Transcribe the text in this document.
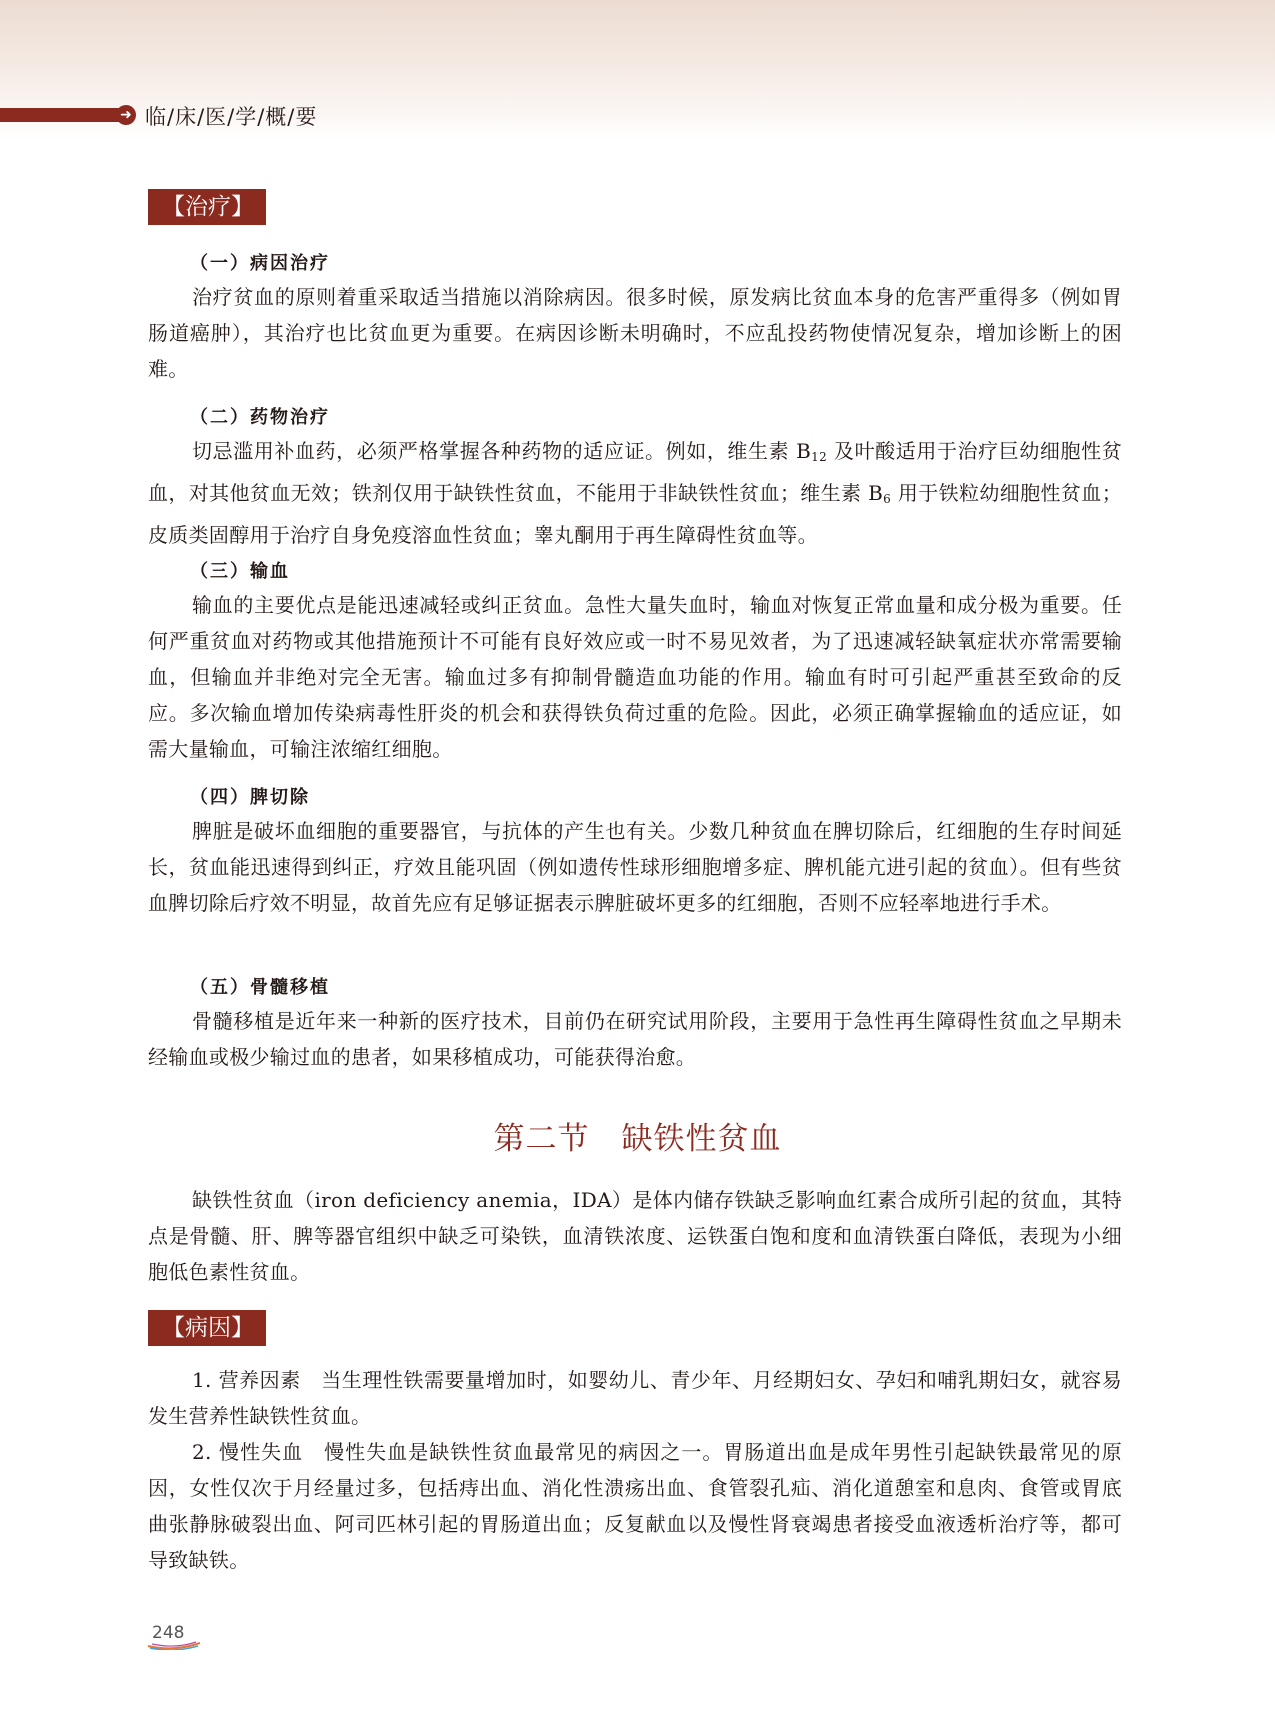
➜ 临/床/医/学/概/要
【治疗】
（一）病因治疗
治疗贫血的原则着重采取适当措施以消除病因。很多时候，原发病比贫血本身的危害严重得多（例如胃肠道癌肿），其治疗也比贫血更为重要。在病因诊断未明确时，不应乱投药物使情况复杂，增加诊断上的困难。
（二）药物治疗
切忌滥用补血药，必须严格掌握各种药物的适应证。例如，维生素 $B_{12}$ 及叶酸适用于治疗巨幼细胞性贫血，对其他贫血无效；铁剂仅用于缺铁性贫血，不能用于非缺铁性贫血；维生素 $B_6$ 用于铁粒幼细胞性贫血；皮质类固醇用于治疗自身免疫溶血性贫血；睾丸酮用于再生障碍性贫血等。
（三）输血
输血的主要优点是能迅速减轻或纠正贫血。急性大量失血时，输血对恢复正常血量和成分极为重要。任何严重贫血对药物或其他措施预计不可能有良好效应或一时不易见效者，为了迅速减轻缺氧症状亦常需要输血，但输血并非绝对完全无害。输血过多有抑制骨髓造血功能的作用。输血有时可引起严重甚至致命的反应。多次输血增加传染病毒性肝炎的机会和获得铁负荷过重的危险。因此，必须正确掌握输血的适应证，如需大量输血，可输注浓缩红细胞。
（四）脾切除
脾脏是破坏血细胞的重要器官，与抗体的产生也有关。少数几种贫血在脾切除后，红细胞的生存时间延长，贫血能迅速得到纠正，疗效且能巩固（例如遗传性球形细胞增多症、脾机能亢进引起的贫血）。但有些贫血脾切除后疗效不明显，故首先应有足够证据表示脾脏破坏更多的红细胞，否则不应轻率地进行手术。
（五）骨髓移植
骨髓移植是近年来一种新的医疗技术，目前仍在研究试用阶段，主要用于急性再生障碍性贫血之早期未经输血或极少输过血的患者，如果移植成功，可能获得治愈。
第二节　缺铁性贫血
缺铁性贫血（iron deficiency anemia，IDA）是体内储存铁缺乏影响血红素合成所引起的贫血，其特点是骨髓、肝、脾等器官组织中缺乏可染铁，血清铁浓度、运铁蛋白饱和度和血清铁蛋白降低，表现为小细胞低色素性贫血。
【病因】
1. 营养因素　当生理性铁需要量增加时，如婴幼儿、青少年、月经期妇女、孕妇和哺乳期妇女，就容易发生营养性缺铁性贫血。
2. 慢性失血　慢性失血是缺铁性贫血最常见的病因之一。胃肠道出血是成年男性引起缺铁最常见的原因，女性仅次于月经量过多，包括痔出血、消化性溃疡出血、食管裂孔疝、消化道憩室和息肉、食管或胃底曲张静脉破裂出血、阿司匹林引起的胃肠道出血；反复献血以及慢性肾衰竭患者接受血液透析治疗等，都可导致缺铁。
248
